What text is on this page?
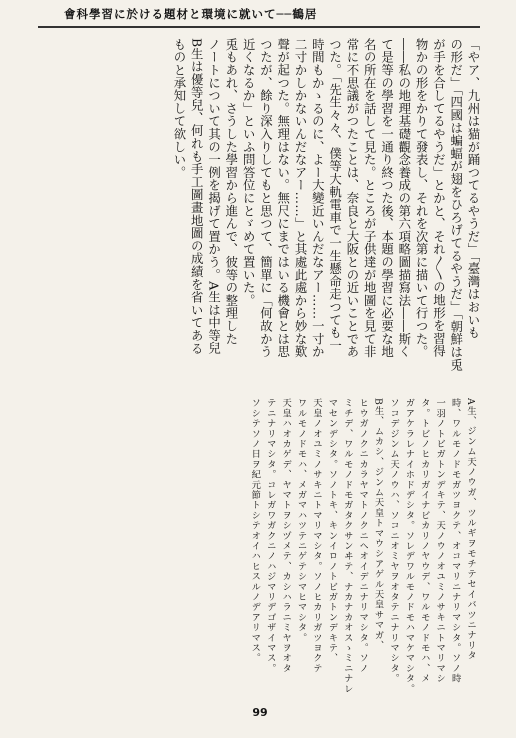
會科學習に於ける題材と環境に就いて──鶴居
「やア、九州は猫が踊つてるやうだ」「臺灣はおいも
の形だ」「四國は蝙蝠が翅をひろげてるやうだ」「朝鮮は兎
が手を合してるやうだ」とかと、それ〳〵の地形を習得
物かの形をかりて發表し、それを次第に描いて行つた。
――私の地理基礎觀念養成の第六項略圖描寫法――斯く
て是等の學習を一通り終つた後、本題の學習に必要な地
名の所在を話して見た。ところが子供達が地圖を見て非
常に不思議がつたことは、奈良と大阪との近いことであ
つた。「先生々々、僕等大軌電車で一生懸命走つても一
時間もかゝるのに、よー大變近いんだなアー……一寸か
二寸かしかないんだなアー……」と其處此處から妙な歎
聲が起つた。無理はない。無尺にまではいる機會とは思
つたが、餘り深入りしてもと思つて、簡單に「何故かう
近くなるか」といふ問答位にとゞめて置いた。
兎もあれ、さうした學習から進んで、彼等の整理した
ノートについて其の一例を揭げて置かう。A生は中等兒
B生は優等兒、何れも手工圖畫地圖の成績を省いてある
ものと承知して欲しい。
A生、ジンム天ノウガ、ツルギヲモチテセイバツニナリタ
時、ワルモノドモガツヨクテ、オコマリニナリマシタ。ソノ時
一羽ノトビガトンデキテ、天ノウノオユミノサキニトマリマシ
タ。トビノヒカリガイナビカリノヤウデ、ワルモノドモハ、メ
ガアケラレナイホドデシタ。ソレデワルモノドモハマケマシタ。
ソコデジンム天ノウハ、ソコニオミヤヲオタテニナリマシタ。
B生、ムカシ、ジンム天皇トマウシアゲル天皇サマガ、
ヒウガノクニカラヤマトノクニヘオイデニナリマシタ。ソノ
ミチデ、ワルモノドモガタクサンヰテ、ナカナカオスゝミニナレ
マセンデシタ。ソノトキ、キンイロノトビガトンデキテ、
天皇ノオユミノサキニトマリマシタ。ソノヒカリガツヨクテ
ワルモノドモハ、メガマハツテニゲテシマヒマシタ。
天皇ハオカゲデ、ヤマトヲシヅメテ、カシハラニミヤヲオタ
テニナリマシタ。コレガワガクニノハジマリデゴザイマス。
ソシテソノ日ヲ紀元節トシテオイハヒスルノデアリマス。
99
